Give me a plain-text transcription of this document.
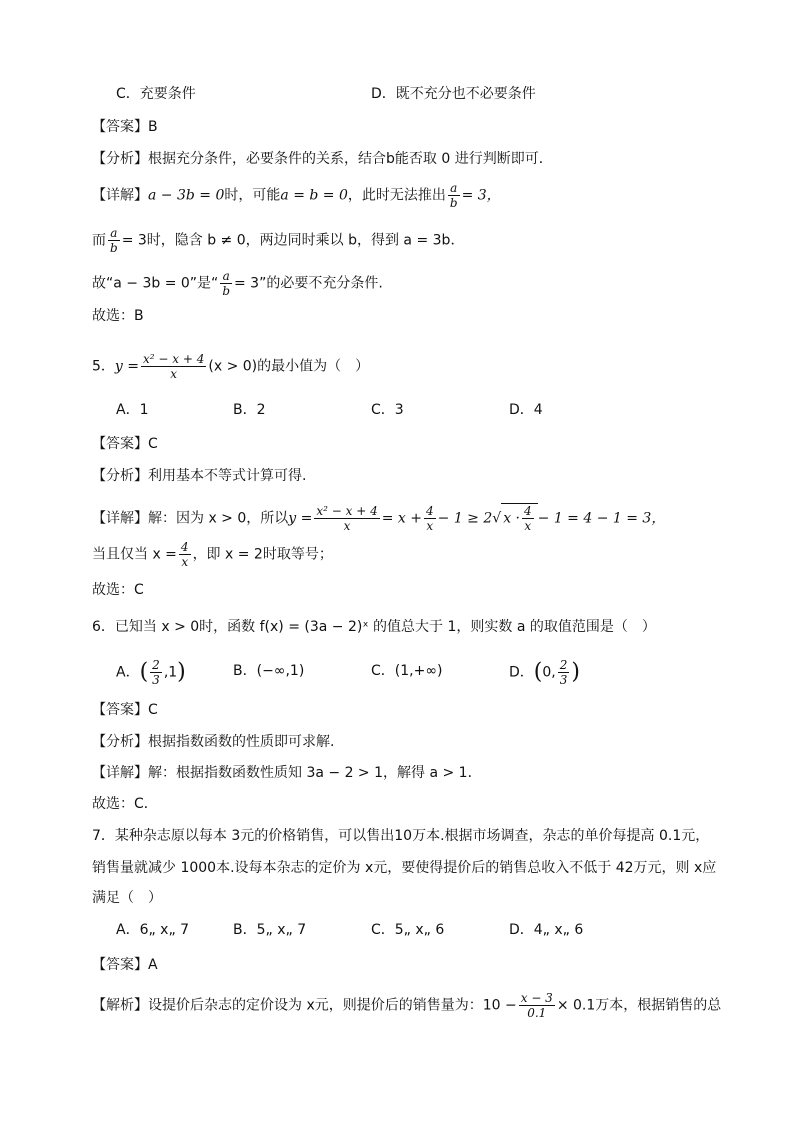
C．充要条件	D．既不充分也不必要条件
【答案】B
【分析】根据充分条件，必要条件的关系，结合b能否取 0 进行判断即可．
【详解】a − 3b = 0时，可能a = b = 0，此时无法推出 $\frac{a}{b} = 3$，
而 $\frac{a}{b} = 3$时，隐含 b ≠ 0，两边同时乘以 b，得到 a = 3b．
故“a − 3b = 0”是“ $\frac{a}{b} = 3$”的必要不充分条件.
故选：B
5．$y = \frac{\text{x² − x + 4}}{x} (x > 0)$的最小值为（　）
A．1	B．2	C．3	D．4
【答案】C
【分析】利用基本不等式计算可得.
【详解】解：因为 x > 0，所以$y = \frac{\text{x² − x + 4}}{x} = x + \frac{4}{x} - 1 \ge 2√$ $x \cdot \frac{4}{x} - 1 = 4 - 1 = 3$，
当且仅当 $x = \frac{4}{x}$ ，即 x = 2时取等号；
故选：C
6．已知当 x > 0时，函数 f(x) = (3a − 2)ˣ 的值总大于 1，则实数 a 的取值范围是（　）
A．( $\frac{2}{3} ,1$)	B．(−∞,1)	C．(1,+∞)	D．(0, $\frac{2}{3}$ )
【答案】C
【分析】根据指数函数的性质即可求解.
【详解】解：根据指数函数性质知 3a − 2 > 1，解得 a > 1．
故选：C．
7．某种杂志原以每本 3元的价格销售，可以售出10万本.根据市场调查，杂志的单价每提高 0.1元，
销售量就减少 1000本.设每本杂志的定价为 x元，要使得提价后的销售总收入不低于 42万元，则 x应
满足（　）
A．6„ x„ 7	B．5„ x„ 7	C．5„ x„ 6	D．4„ x„ 6
【答案】A
【解析】设提价后杂志的定价设为 x元，则提价后的销售量为：$10 - \frac{x - 3}{0.1} \times 0.1$万本，根据销售的总
